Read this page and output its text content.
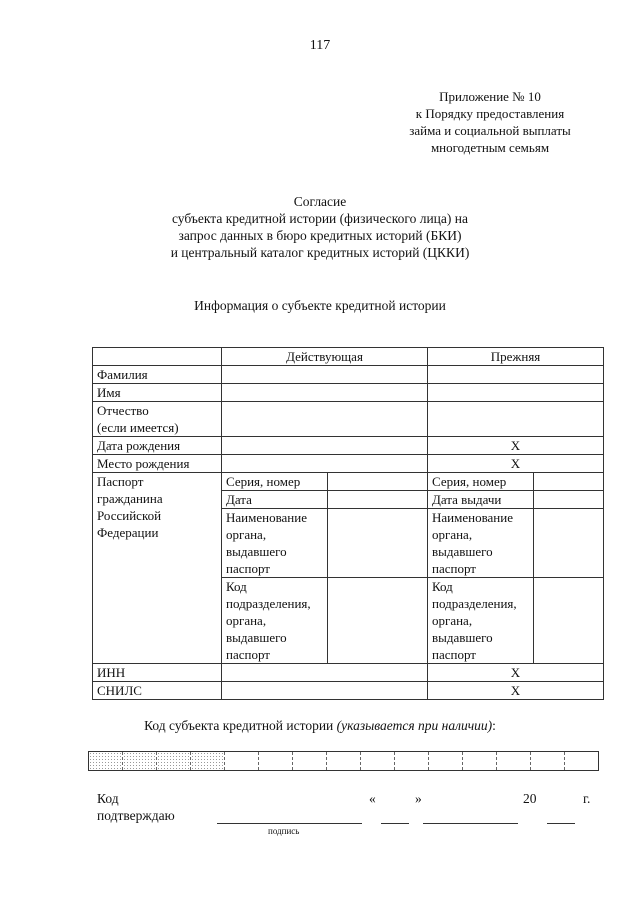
117
Приложение № 10
к Порядку предоставления
займа и социальной выплаты
многодетным семьям
Согласие
субъекта кредитной истории (физического лица) на
запрос данных в бюро кредитных историй (БКИ)
и центральный каталог кредитных историй (ЦККИ)
Информация о субъекте кредитной истории
	Действующая		Прежняя	
Фамилия				
Имя				
Отчество
(если имеется)				
Дата рождения			Х	
Место рождения			Х	
Паспорт
гражданина
Российской
Федерации	Серия, номер		Серия, номер	
	Дата		Дата выдачи	
	Наименование
органа,
выдавшего
паспорт		Наименование
органа,
выдавшего
паспорт	
	Код
подразделения,
органа,
выдавшего
паспорт		Код
подразделения,
органа,
выдавшего
паспорт	
ИНН			Х	
СНИЛС			Х	
Код субъекта кредитной истории (указывается при наличии):
Код
подтверждаю
подпись
«	»	20	г.
